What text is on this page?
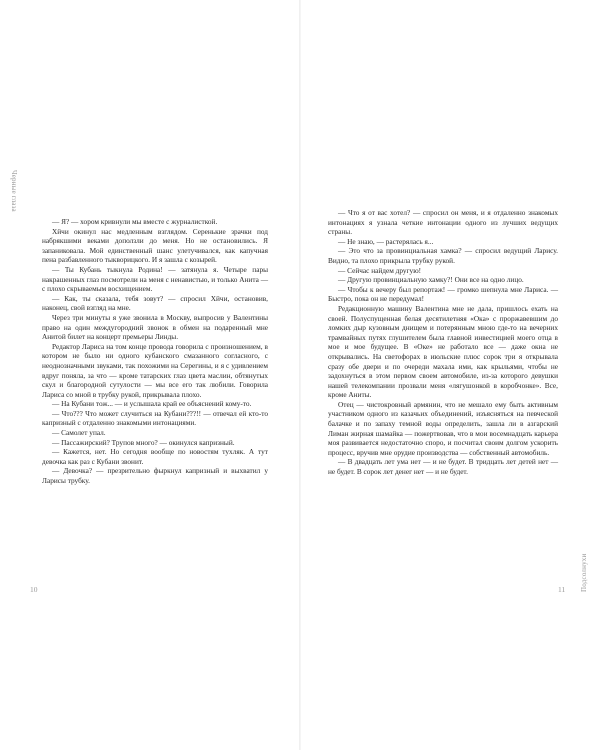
Черные глаза

— Я? — хором кривнули мы вместе с журналисткой.

Хйчи окинул нас медленным взглядом. Серенькие зрачки под набрякшими веками доползли до меня. Но не остановились. Я запаниковала. Мой единственный шанс улетучивался, как капучная пена разбавленного тыкворицкого. И я зашла с козырей.

— Ты Кубань тыкнула Родина! — затянула я. Четыре пары накрашенных глаз посмотрели на меня с ненавистью, и только Анита — с плохо скрываемым восхищением.

— Как, ты сказала, тебя зовут? — спросил Хйчи, остановив, наконец, свой взгляд на мне.

Через три минуты я уже звонила в Москву, выпросив у Валентины право на один междугородний звонок в обмен на подаренный мне Анитой билет на концерт премьеры Линды.

Редактор Лариса на том конце провода говорила с произношением, в котором не было ни одного кубанского смазанного согласного, с неоднозначными звуками, так похожими на Серегины, и я с удивлением вдруг поняла, за что — кроме татарских глаз цвета маслин, обтянутых скул и благородной сутулости — мы все его так любили. Говорила Лариса со мной в трубку рукой, прикрывала плохо.

— На Кубани тож... — и услышала край ее объяснений кому-то.

— Что??? Что может случиться на Кубани???!! — отвечал ей кто-то капризный с отдаленно знакомыми интонациями.

— Самолет упал.

— Пассажирский? Трупов много? — окинулся капризный.

— Кажется, нет. Но сегодня вообще по новостям тухляк. А тут девочка как раз с Кубани звонит.

— Девочка? — презрительно фыркнул капризный и выхватил у Ларисы трубку.

10

— Что я от вас хотел? — спросил он меня, и я отдаленно знакомых интонациях я узнала четкие интонации одного из лучших ведущих страны.

— Не знаю, — растерялась я...

— Это что за провинциальная хамка? — спросил ведущий Ларису. Видно, та плохо прикрыла трубку рукой.

— Сейчас найдем другую!

— Другую провинциальную хамку?! Они все на одно лицо.

— Чтобы к вечеру был репортаж! — громко шепнула мне Лариса. — Быстро, пока он не передумал!

Редакционную машину Валентина мне не дала, пришлось ехать на своей. Полуспущенная белая десятилетняя «Ока» с проржавевшим до ломких дыр кузовным днищем и потерянным мною где-то на вечерних трамвайных путях глушителем была главной инвестицией моего отца в мое и мое будущее. В «Оке» не работало все — даже окна не открывались. На светофорах в июльские плюс сорок три я открывала сразу обе двери и по очереди махала ими, как крыльями, чтобы не задохнуться в этом первом своем автомобиле, из-за которого девушки нашей телекомпании прозвали меня «лягушонкой в коробчонке». Все, кроме Аниты.

Отец — чистокровный армянин, что не мешало ему быть активным участником одного из казачьих объединений, изъясняться на певческой балачке и по запаху темной воды определить, зашла ли в азгарский Лиман жирная шамайка — пожертвовав, что в мои восемнадцать карьера моя развивается недостаточно споро, и посчитал своим долгом ускорить процесс, вручив мне орудие производства — собственный автомобиль.

— В двадцать лет ума нет — и не будет. В тридцать лет детей нет — не будет. В сорок лет денег нет — и не будет.

Подсолнухи
11
